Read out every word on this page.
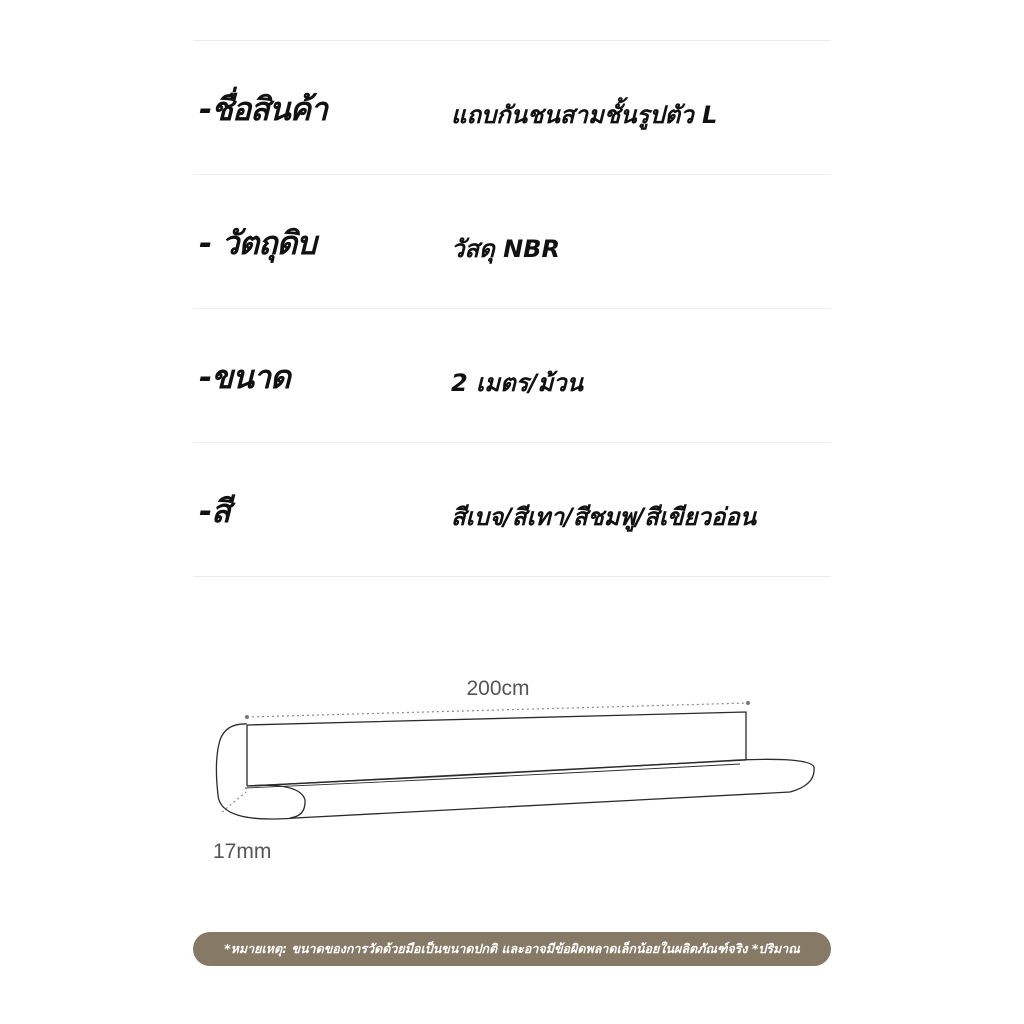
-ชื่อสินค้า	แถบกันชนสามชั้นรูปตัว L
- วัตถุดิบ	วัสดุ NBR
-ขนาด	2 เมตร/ม้วน
-สี	สีเบจ/สีเทา/สีชมพู/สีเขียวอ่อน
200cm
17mm
*หมายเหตุ: ขนาดของการวัดด้วยมือเป็นขนาดปกติ และอาจมีข้อผิดพลาดเล็กน้อยในผลิตภัณฑ์จริง *ปริมาณ
